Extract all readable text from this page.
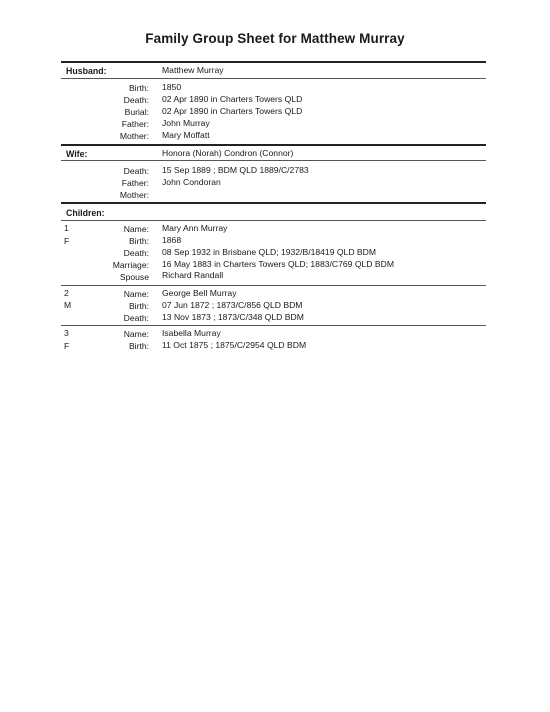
Family Group Sheet for Matthew Murray
Husband:	Matthew Murray
Birth: 1850
Death: 02 Apr 1890 in Charters Towers QLD
Burial: 02 Apr 1890 in Charters Towers QLD
Father: John Murray
Mother: Mary Moffatt
Wife:	Honora (Norah) Condron (Connor)
Death: 15 Sep 1889 ; BDM QLD 1889/C/2783
Father: John Condoran
Mother:
Children:
1
F
Name: Mary Ann Murray
Birth: 1868
Death: 08 Sep 1932 in Brisbane QLD; 1932/B/18419 QLD BDM
Marriage: 16 May 1883 in Charters Towers QLD; 1883/C769 QLD BDM
Spouse Richard Randall
2
M
Name: George Bell Murray
Birth: 07 Jun 1872 ; 1873/C/856 QLD BDM
Death: 13 Nov 1873 ; 1873/C/348 QLD BDM
3
F
Name: Isabella Murray
Birth: 11 Oct 1875 ; 1875/C/2954 QLD BDM
